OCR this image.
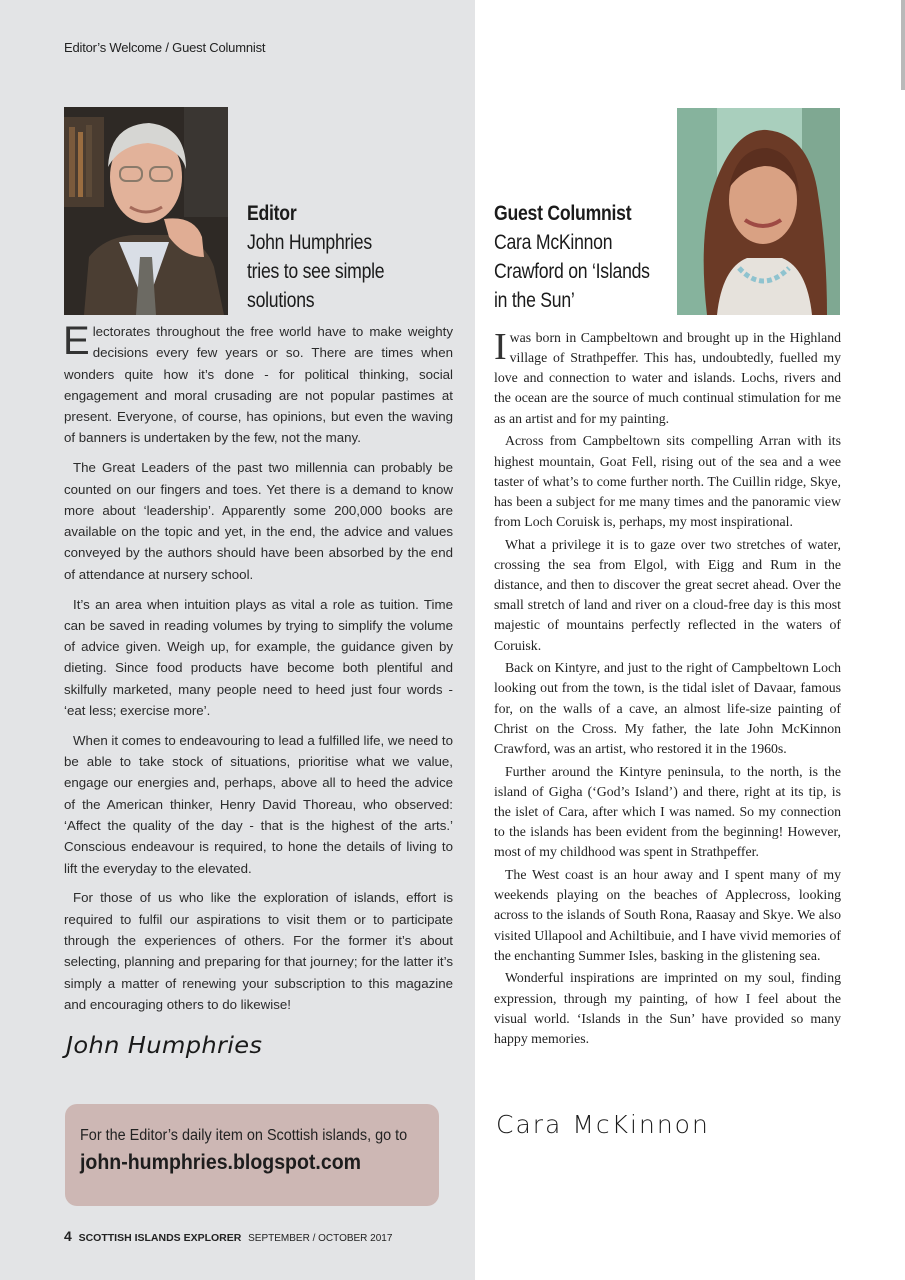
Editor’s Welcome / Guest Columnist
Editor
John Humphries
tries to see simple
solutions
Guest Columnist
Cara McKinnon
Crawford on ‘Islands
in the Sun’

Electorates throughout the free world have to make weighty decisions every few years or so. There are times when wonders quite how it’s done - for political thinking, social engagement and moral crusading are not popular pastimes at present. Everyone, of course, has opinions, but even the waving of banners is undertaken by the few, not the many.

The Great Leaders of the past two millennia can probably be counted on our fingers and toes. Yet there is a demand to know more about ‘leadership’. Apparently some 200,000 books are available on the topic and yet, in the end, the advice and values conveyed by the authors should have been absorbed by the end of attendance at nursery school.

It’s an area when intuition plays as vital a role as tuition. Time can be saved in reading volumes by trying to simplify the volume of advice given. Weigh up, for example, the guidance given by dieting. Since food products have become both plentiful and skilfully marketed, many people need to heed just four words - ‘eat less; exercise more’.

When it comes to endeavouring to lead a fulfilled life, we need to be able to take stock of situations, prioritise what we value, engage our energies and, perhaps, above all to heed the advice of the American thinker, Henry David Thoreau, who observed: ‘Affect the quality of the day - that is the highest of the arts.’ Conscious endeavour is required, to hone the details of living to lift the everyday to the elevated.

For those of us who like the exploration of islands, effort is required to fulfil our aspirations to visit them or to participate through the experiences of others. For the former it’s about selecting, planning and preparing for that journey; for the latter it’s simply a matter of renewing your subscription to this magazine and encouraging others to do likewise!

Iwas born in Campbeltown and brought up in the Highland village of Strathpeffer. This has, undoubtedly, fuelled my love and connection to water and islands. Lochs, rivers and the ocean are the source of much continual stimulation for me as an artist and for my painting.

Across from Campbeltown sits compelling Arran with its highest mountain, Goat Fell, rising out of the sea and a wee taster of what’s to come further north. The Cuillin ridge, Skye, has been a subject for me many times and the panoramic view from Loch Coruisk is, perhaps, my most inspirational.

What a privilege it is to gaze over two stretches of water, crossing the sea from Elgol, with Eigg and Rum in the distance, and then to discover the great secret ahead. Over the small stretch of land and river on a cloud-free day is this most majestic of mountains perfectly reflected in the waters of Coruisk.

Back on Kintyre, and just to the right of Campbeltown Loch looking out from the town, is the tidal islet of Davaar, famous for, on the walls of a cave, an almost life-size painting of Christ on the Cross. My father, the late John McKinnon Crawford, was an artist, who restored it in the 1960s.

Further around the Kintyre peninsula, to the north, is the island of Gigha (‘God’s Island’) and there, right at its tip, is the islet of Cara, after which I was named. So my connection to the islands has been evident from the beginning! However, most of my childhood was spent in Strathpeffer.

The West coast is an hour away and I spent many of my weekends playing on the beaches of Applecross, looking across to the islands of South Rona, Raasay and Skye. We also visited Ullapool and Achiltibuie, and I have vivid memories of the enchanting Summer Isles, basking in the glistening sea.

Wonderful inspirations are imprinted on my soul, finding expression, through my painting, of how I feel about the visual world. ‘Islands in the Sun’ have provided so many happy memories.

John Humphries
Cara McKinnon
For the Editor’s daily item on Scottish islands, go to
john-humphries.blogspot.com
4 SCOTTISH ISLANDS EXPLORER SEPTEMBER / OCTOBER 2017
